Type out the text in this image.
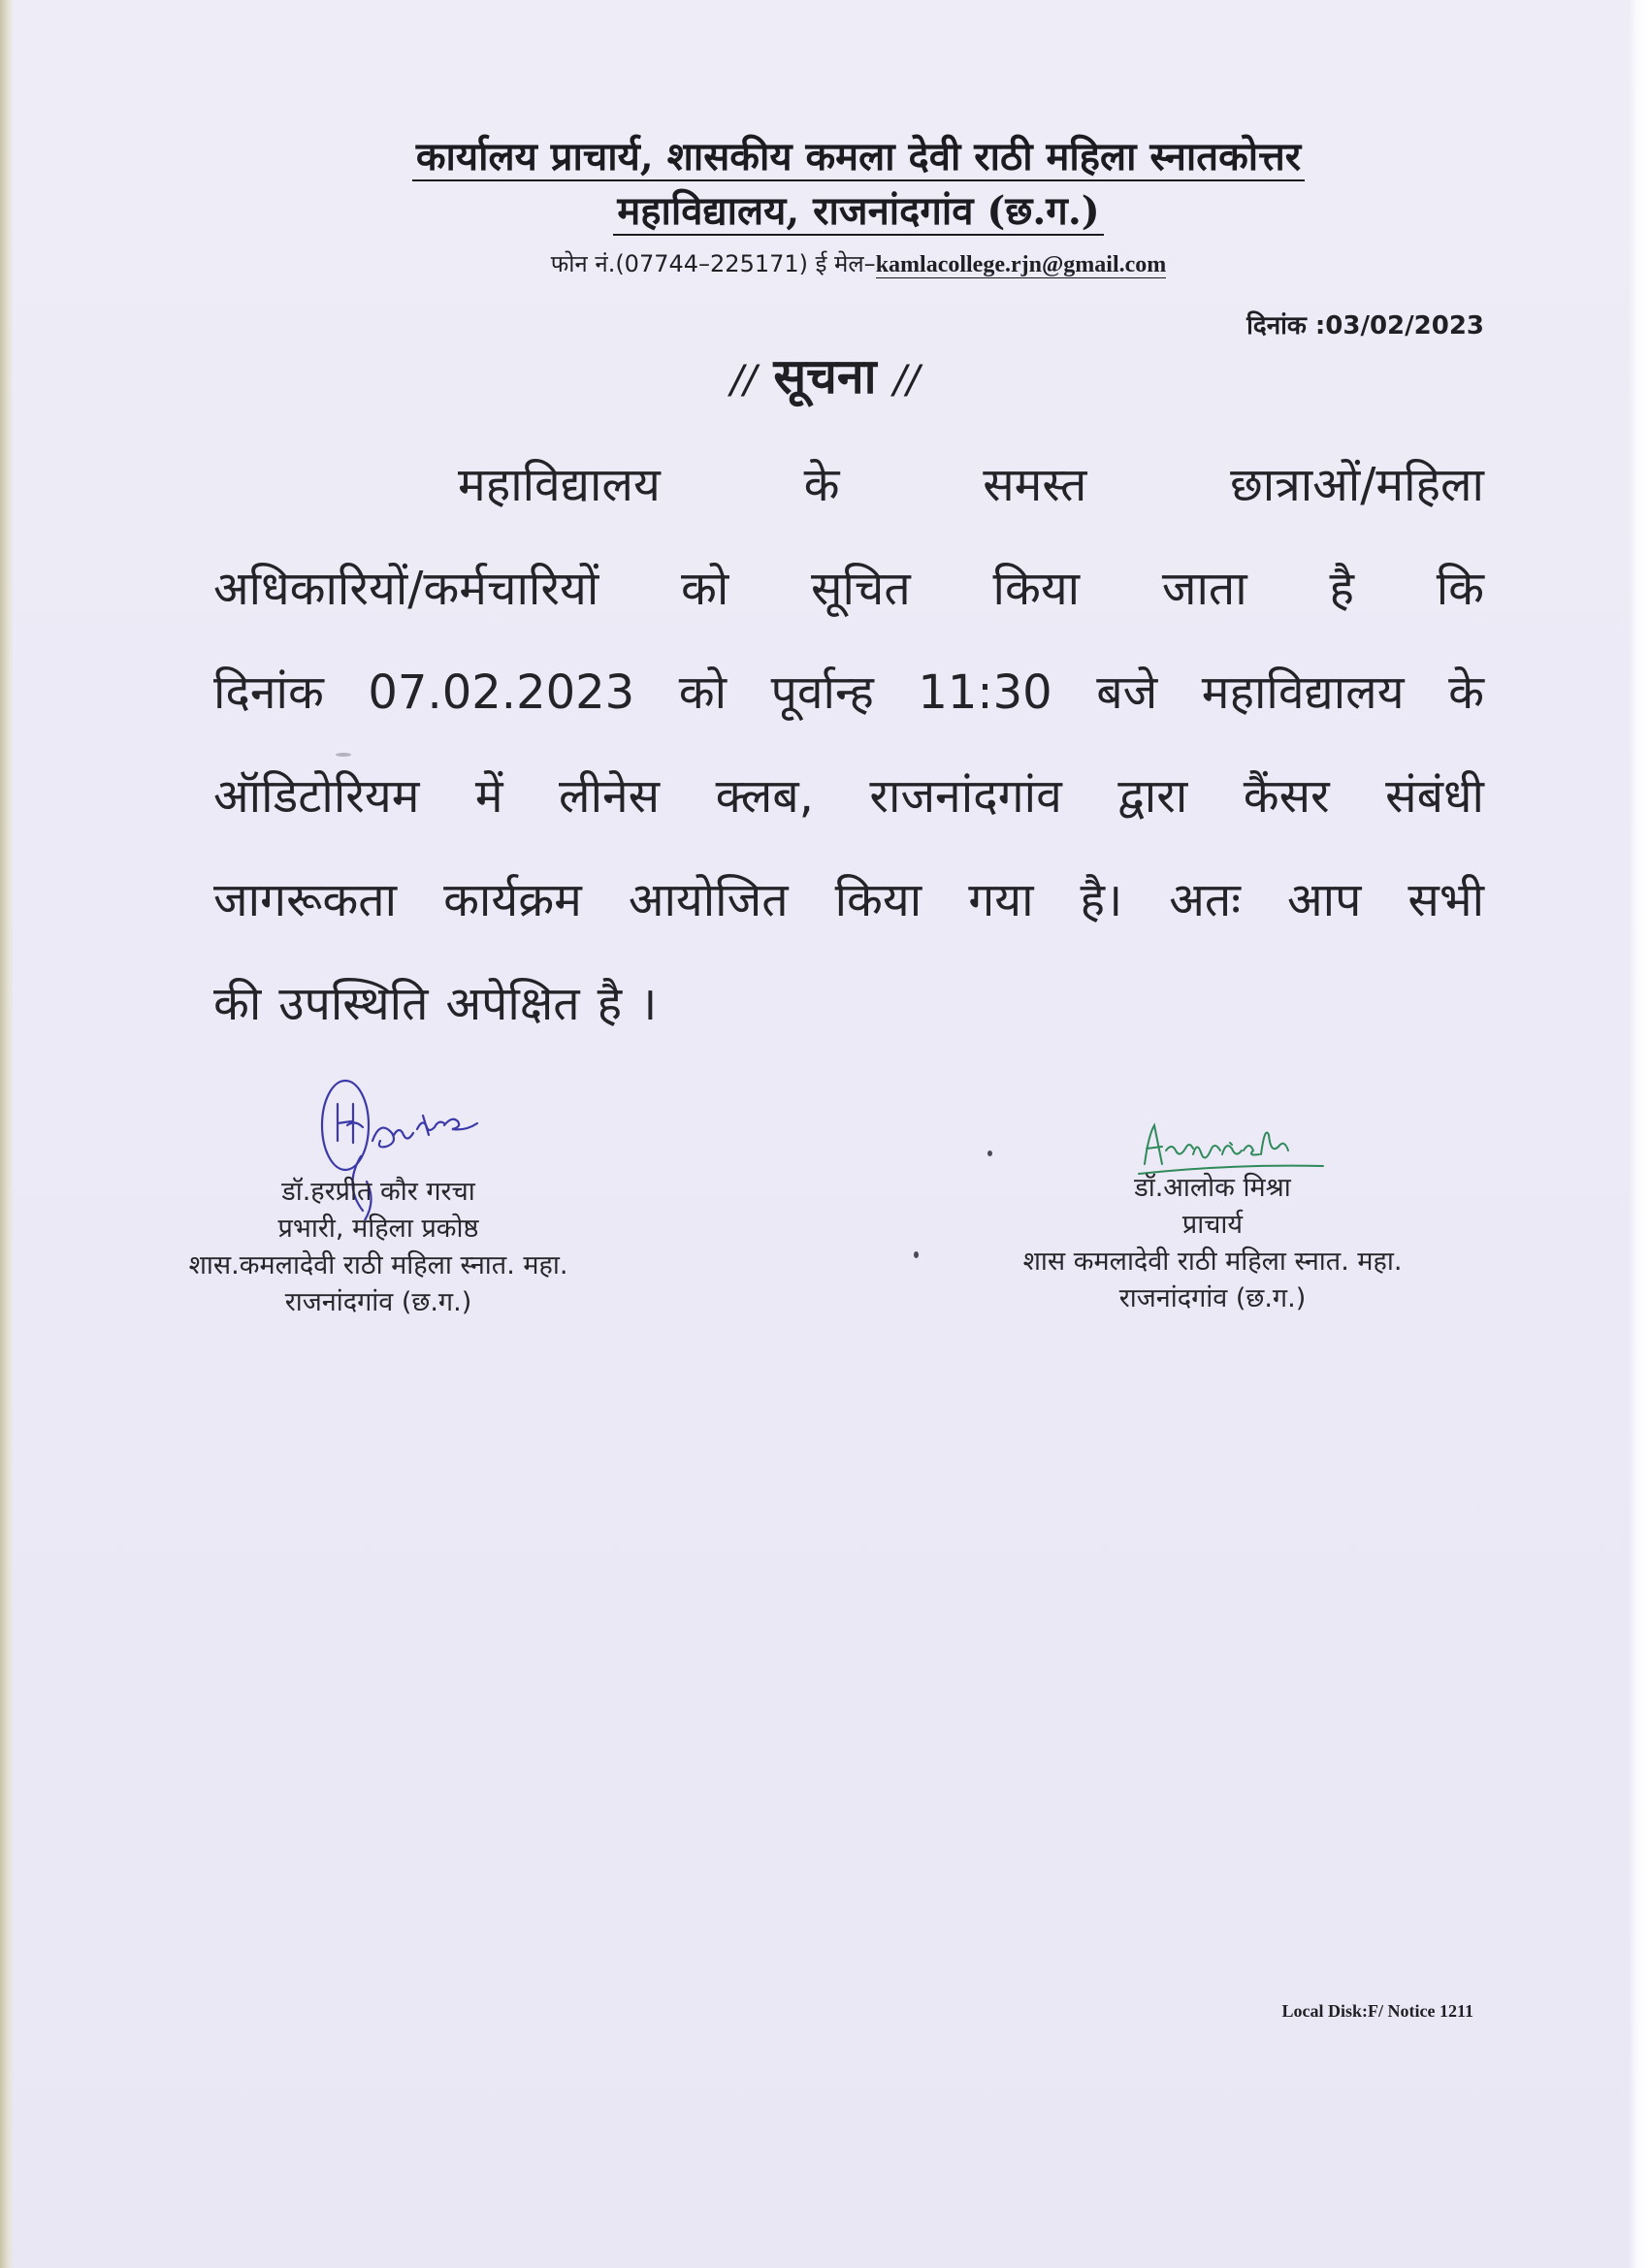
कार्यालय प्राचार्य, शासकीय कमला देवी राठी महिला स्नातकोत्तर
महाविद्यालय, राजनांदगांव (छ.ग.)
फोन नं.(07744–225171) ई मेल–kamlacollege.rjn@gmail.com
दिनांक :03/02/2023
// सूचना //
महाविद्यालय	के	समस्त	छात्राओं/महिला
अधिकारियों/कर्मचारियों को सूचित किया जाता है कि
दिनांक 07.02.2023 को पूर्वान्ह 11:30 बजे महाविद्यालय के
ऑडिटोरियम में लीनेस क्लब, राजनांदगांव द्वारा कैंसर संबंधी
जागरूकता कार्यक्रम आयोजित किया गया है। अतः आप सभी
की उपस्थिति अपेक्षित है ।
डॉ.हरप्रीत कौर गरचा
प्रभारी, महिला प्रकोष्ठ
शास.कमलादेवी राठी महिला स्नात. महा.
राजनांदगांव (छ.ग.)
डॉ.आलोक मिश्रा
प्राचार्य
शास कमलादेवी राठी महिला स्नात. महा.
राजनांदगांव (छ.ग.)
Local Disk:F/ Notice 1211
